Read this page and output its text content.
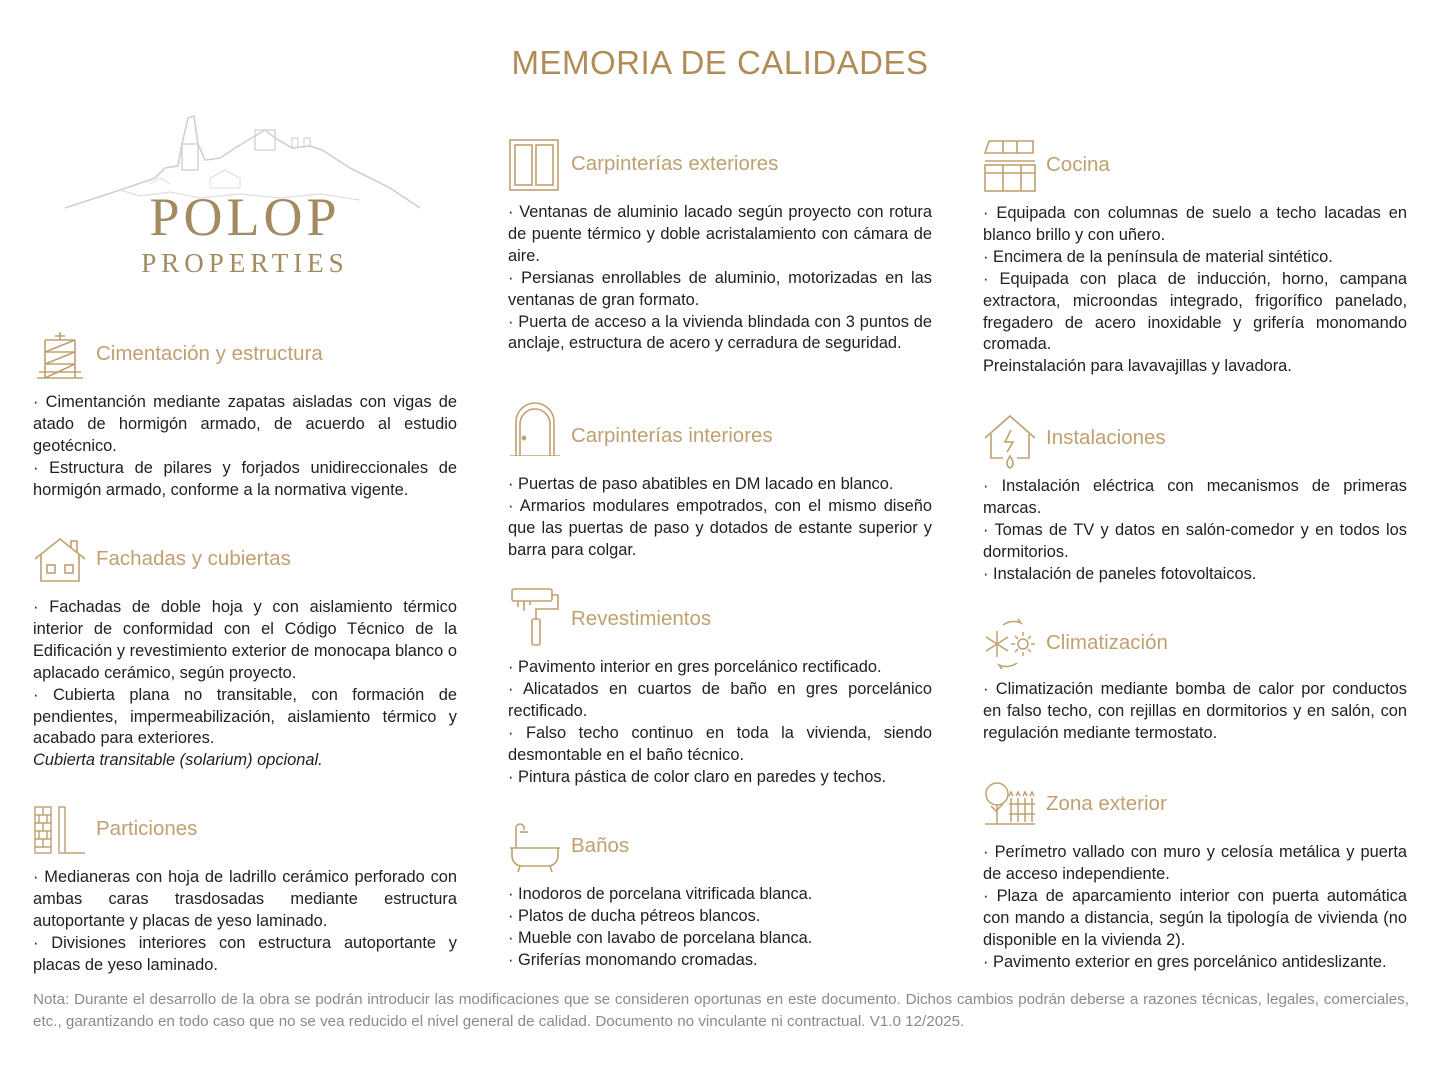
MEMORIA DE CALIDADES
POLOP
PROPERTIES
Cimentación y estructura

· Cimentanción mediante zapatas aisladas con vigas de atado de hormigón armado, de acuerdo al estudio geotécnico.

· Estructura de pilares y forjados unidireccionales de hormigón armado, conforme a la normativa vigente.

Fachadas y cubiertas

· Fachadas de doble hoja y con aislamiento térmico interior de conformidad con el Código Técnico de la Edificación y revestimiento exterior de monocapa blanco o aplacado cerámico, según proyecto.

· Cubierta plana no transitable, con formación de pendientes, impermeabilización, aislamiento térmico y acabado para exteriores.

Cubierta transitable (solarium) opcional.

Particiones

· Medianeras con hoja de ladrillo cerámico perforado con ambas caras trasdosadas mediante estructura autoportante y placas de yeso laminado.

· Divisiones interiores con estructura autoportante y placas de yeso laminado.

Carpinterías exteriores

· Ventanas de aluminio lacado según proyecto con rotura de puente térmico y doble acristalamiento con cámara de aire.

· Persianas enrollables de aluminio, motorizadas en las ventanas de gran formato.

· Puerta de acceso a la vivienda blindada con 3 puntos de anclaje, estructura de acero y cerradura de seguridad.

Carpinterías interiores

· Puertas de paso abatibles en DM lacado en blanco.

· Armarios modulares empotrados, con el mismo diseño que las puertas de paso y dotados de estante superior y barra para colgar.

Revestimientos

· Pavimento interior en gres porcelánico rectificado.

· Alicatados en cuartos de baño en gres porcelánico rectificado.

· Falso techo continuo en toda la vivienda, siendo desmontable en el baño técnico.

· Pintura pástica de color claro en paredes y techos.

Baños

· Inodoros de porcelana vitrificada blanca.

· Platos de ducha pétreos blancos.

· Mueble con lavabo de porcelana blanca.

· Griferías monomando cromadas.

Cocina

· Equipada con columnas de suelo a techo lacadas en blanco brillo y con uñero.

· Encimera de la península de material sintético.

· Equipada con placa de inducción, horno, campana extractora, microondas integrado, frigorífico panelado, fregadero de acero inoxidable y grifería monomando cromada.

Preinstalación para lavavajillas y lavadora.

Instalaciones

· Instalación eléctrica con mecanismos de primeras marcas.

· Tomas de TV y datos en salón-comedor y en todos los dormitorios.

· Instalación de paneles fotovoltaicos.

Climatización

· Climatización mediante bomba de calor por conductos en falso techo, con rejillas en dormitorios y en salón, con regulación mediante termostato.

Zona exterior

· Perímetro vallado con muro y celosía metálica y puerta de acceso independiente.

· Plaza de aparcamiento interior con puerta automática con mando a distancia, según la tipología de vivienda (no disponible en la vivienda 2).

· Pavimento exterior en gres porcelánico antideslizante.

Nota: Durante el desarrollo de la obra se podrán introducir las modificaciones que se consideren oportunas en este documento. Dichos cambios podrán deberse a razones técnicas, legales, comerciales, etc., garantizando en todo caso que no se vea reducido el nivel general de calidad. Documento no vinculante ni contractual. V1.0 12/2025.
